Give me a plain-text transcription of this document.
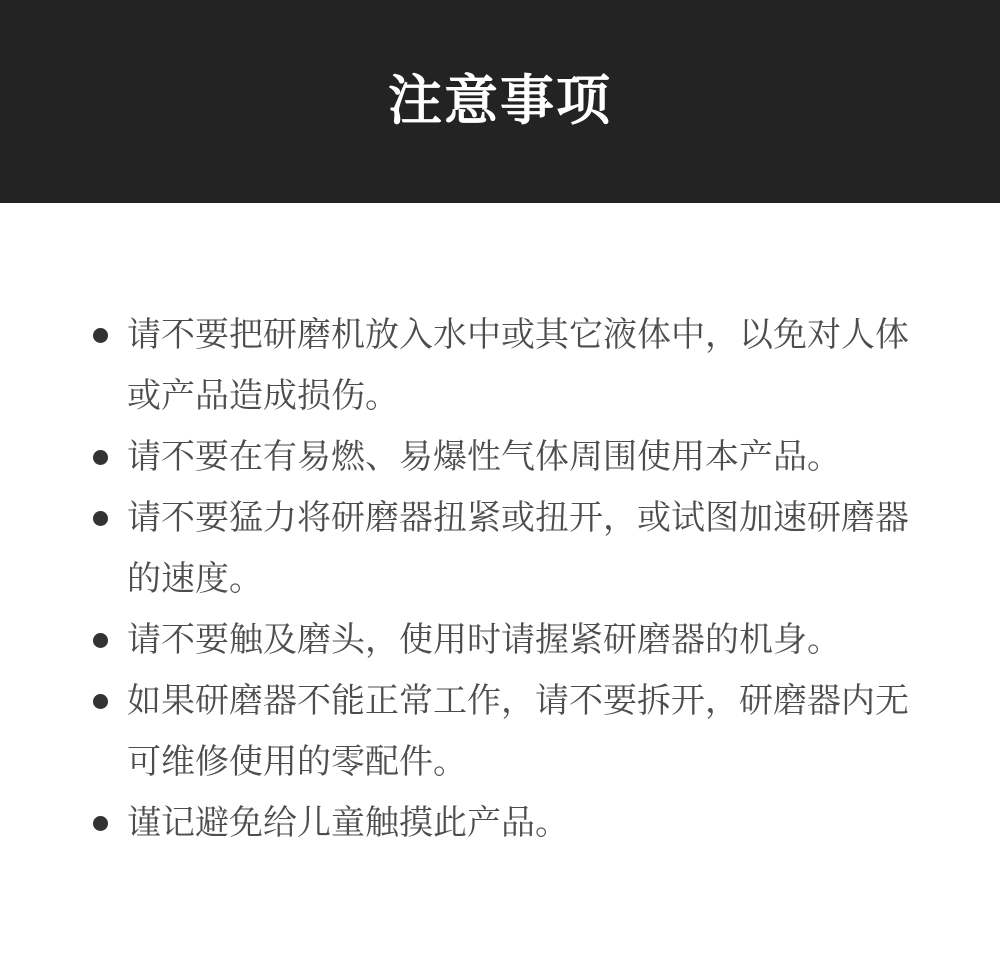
注意事项
请不要把研磨机放入水中或其它液体中，以免对人体或产品造成损伤。
请不要在有易燃、易爆性气体周围使用本产品。
请不要猛力将研磨器扭紧或扭开，或试图加速研磨器的速度。
请不要触及磨头，使用时请握紧研磨器的机身。
如果研磨器不能正常工作，请不要拆开，研磨器内无可维修使用的零配件。
谨记避免给儿童触摸此产品。
